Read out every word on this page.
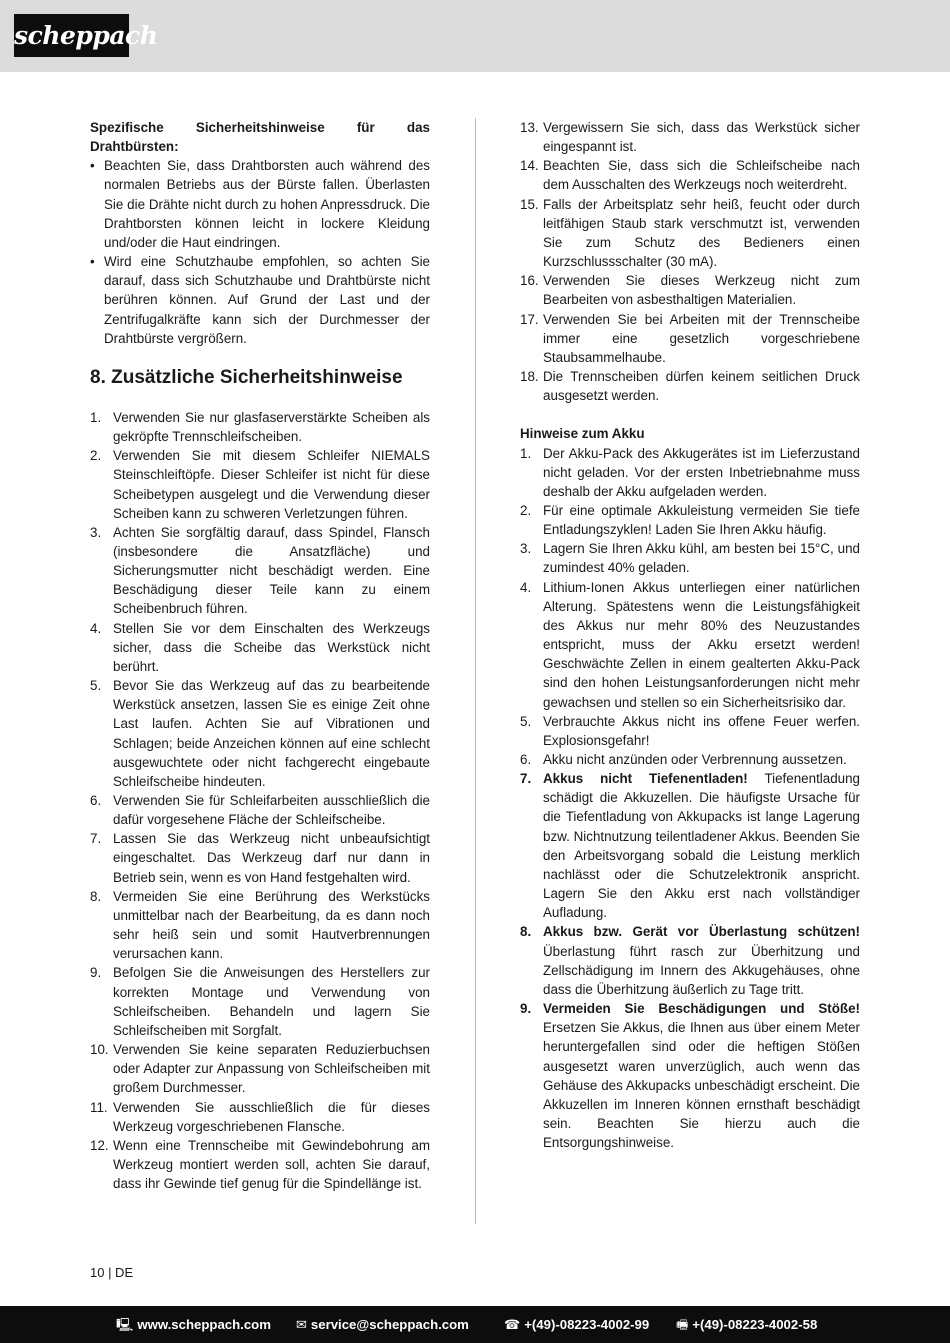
scheppach
Spezifische Sicherheitshinweise für das Drahtbürsten:
• Beachten Sie, dass Drahtborsten auch während des normalen Betriebs aus der Bürste fallen. Überlasten Sie die Drähte nicht durch zu hohen Anpressdruck. Die Drahtborsten können leicht in lockere Kleidung und/oder die Haut eindringen.
• Wird eine Schutzhaube empfohlen, so achten Sie darauf, dass sich Schutzhaube und Drahtbürste nicht berühren können. Auf Grund der Last und der Zentrifugalkräfte kann sich der Durchmesser der Drahtbürste vergrößern.
8. Zusätzliche Sicherheitshinweise
1. Verwenden Sie nur glasfaserverstärkte Scheiben als gekröpfte Trennschleifscheiben.
2. Verwenden Sie mit diesem Schleifer NIEMALS Steinschleiftöpfe. Dieser Schleifer ist nicht für diese Scheibetypen ausgelegt und die Verwendung dieser Scheiben kann zu schweren Verletzungen führen.
3. Achten Sie sorgfältig darauf, dass Spindel, Flansch (insbesondere die Ansatzfläche) und Sicherungsmutter nicht beschädigt werden. Eine Beschädigung dieser Teile kann zu einem Scheibenbruch führen.
4. Stellen Sie vor dem Einschalten des Werkzeugs sicher, dass die Scheibe das Werkstück nicht berührt.
5. Bevor Sie das Werkzeug auf das zu bearbeitende Werkstück ansetzen, lassen Sie es einige Zeit ohne Last laufen. Achten Sie auf Vibrationen und Schlagen; beide Anzeichen können auf eine schlecht ausgewuchtete oder nicht fachgerecht eingebaute Schleifscheibe hindeuten.
6. Verwenden Sie für Schleifarbeiten ausschließlich die dafür vorgesehene Fläche der Schleifscheibe.
7. Lassen Sie das Werkzeug nicht unbeaufsichtigt eingeschaltet. Das Werkzeug darf nur dann in Betrieb sein, wenn es von Hand festgehalten wird.
8. Vermeiden Sie eine Berührung des Werkstücks unmittelbar nach der Bearbeitung, da es dann noch sehr heiß sein und somit Hautverbrennungen verursachen kann.
9. Befolgen Sie die Anweisungen des Herstellers zur korrekten Montage und Verwendung von Schleifscheiben. Behandeln und lagern Sie Schleifscheiben mit Sorgfalt.
10. Verwenden Sie keine separaten Reduzierbuchsen oder Adapter zur Anpassung von Schleifscheiben mit großem Durchmesser.
11. Verwenden Sie ausschließlich die für dieses Werkzeug vorgeschriebenen Flansche.
12. Wenn eine Trennscheibe mit Gewindebohrung am Werkzeug montiert werden soll, achten Sie darauf, dass ihr Gewinde tief genug für die Spindellänge ist.
13. Vergewissern Sie sich, dass das Werkstück sicher eingespannt ist.
14. Beachten Sie, dass sich die Schleifscheibe nach dem Ausschalten des Werkzeugs noch weiterdreht.
15. Falls der Arbeitsplatz sehr heiß, feucht oder durch leitfähigen Staub stark verschmutzt ist, verwenden Sie zum Schutz des Bedieners einen Kurzschlussschalter (30 mA).
16. Verwenden Sie dieses Werkzeug nicht zum Bearbeiten von asbesthaltigen Materialien.
17. Verwenden Sie bei Arbeiten mit der Trennscheibe immer eine gesetzlich vorgeschriebene Staubsammelhaube.
18. Die Trennscheiben dürfen keinem seitlichen Druck ausgesetzt werden.
Hinweise zum Akku
1. Der Akku-Pack des Akkugerätes ist im Lieferzustand nicht geladen. Vor der ersten Inbetriebnahme muss deshalb der Akku aufgeladen werden.
2. Für eine optimale Akkuleistung vermeiden Sie tiefe Entladungszyklen! Laden Sie Ihren Akku häufig.
3. Lagern Sie Ihren Akku kühl, am besten bei 15°C, und zumindest 40% geladen.
4. Lithium-Ionen Akkus unterliegen einer natürlichen Alterung. Spätestens wenn die Leistungsfähigkeit des Akkus nur mehr 80% des Neuzustandes entspricht, muss der Akku ersetzt werden! Geschwächte Zellen in einem gealterten Akku-Pack sind den hohen Leistungsanforderungen nicht mehr gewachsen und stellen so ein Sicherheitsrisiko dar.
5. Verbrauchte Akkus nicht ins offene Feuer werfen. Explosionsgefahr!
6. Akku nicht anzünden oder Verbrennung aussetzen.
7. Akkus nicht Tiefenentladen! Tiefenentladung schädigt die Akkuzellen. Die häufigste Ursache für die Tiefentladung von Akkupacks ist lange Lagerung bzw. Nichtnutzung teilentladener Akkus. Beenden Sie den Arbeitsvorgang sobald die Leistung merklich nachlässt oder die Schutzelektronik anspricht. Lagern Sie den Akku erst nach vollständiger Aufladung.
8. Akkus bzw. Gerät vor Überlastung schützen! Überlastung führt rasch zur Überhitzung und Zellschädigung im Innern des Akkugehäuses, ohne dass die Überhitzung äußerlich zu Tage tritt.
9. Vermeiden Sie Beschädigungen und Stöße! Ersetzen Sie Akkus, die Ihnen aus über einem Meter heruntergefallen sind oder die heftigen Stößen ausgesetzt waren unverzüglich, auch wenn das Gehäuse des Akkupacks unbeschädigt erscheint. Die Akkuzellen im Inneren können ernsthaft beschädigt sein. Beachten Sie hierzu auch die Entsorgungshinweise.
10 | DE
🖳 www.scheppach.com ✉ service@scheppach.com	☎ +(49)-08223-4002-99 🖷 +(49)-08223-4002-58
